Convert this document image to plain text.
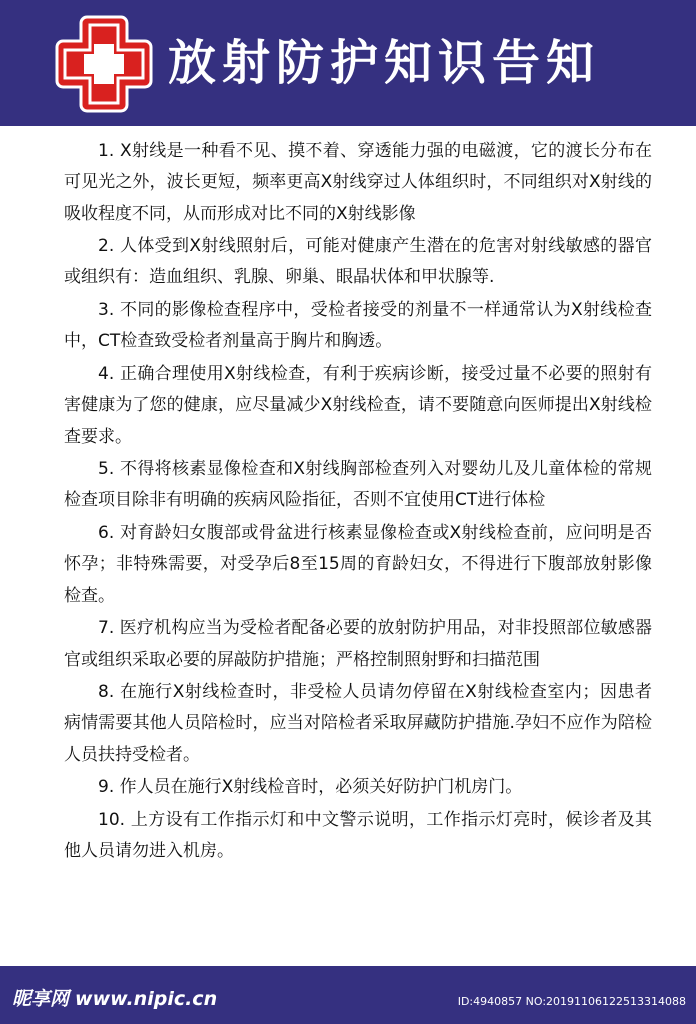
放射防护知识告知

1. X射线是一种看不见、摸不着、穿透能力强的电磁渡，它的渡长分布在可见光之外，波长更短，频率更高X射线穿过人体组织时，不同组织对X射线的吸收程度不同，从而形成对比不同的X射线影像

2. 人体受到X射线照射后，可能对健康产生潜在的危害对射线敏感的器官或组织有：造血组织、乳腺、卵巢、眼晶状体和甲状腺等.

3. 不同的影像检查程序中，受检者接受的剂量不一样通常认为X射线检查中，CT检查致受检者剂量高于胸片和胸透。

4. 正确合理使用X射线检查，有利于疾病诊断，接受过量不必要的照射有害健康为了您的健康，应尽量减少X射线检查，请不要随意向医师提出X射线检查要求。

5. 不得将核素显像检查和X射线胸部检查列入对婴幼儿及儿童体检的常规检查项目除非有明确的疾病风险指征，否则不宜使用CT进行体检

6. 对育龄妇女腹部或骨盆进行核素显像检查或X射线检查前，应问明是否怀孕；非特殊需要，对受孕后8至15周的育龄妇女，不得进行下腹部放射影像检查。

7. 医疗机构应当为受检者配备必要的放射防护用品，对非投照部位敏感器官或组织采取必要的屏敲防护措施；严格控制照射野和扫描范围

8. 在施行X射线检查时，非受检人员请勿停留在X射线检查室内；因患者病情需要其他人员陪检时，应当对陪检者采取屏藏防护措施.孕妇不应作为陪检人员扶持受检者。

9. 作人员在施行X射线检音时，必须关好防护门机房门。

10. 上方设有工作指示灯和中文警示说明，工作指示灯亮时，候诊者及其他人员请勿进入机房。

昵享网 www.nipic.cn	ID:4940857 NO:20191106122513314088
